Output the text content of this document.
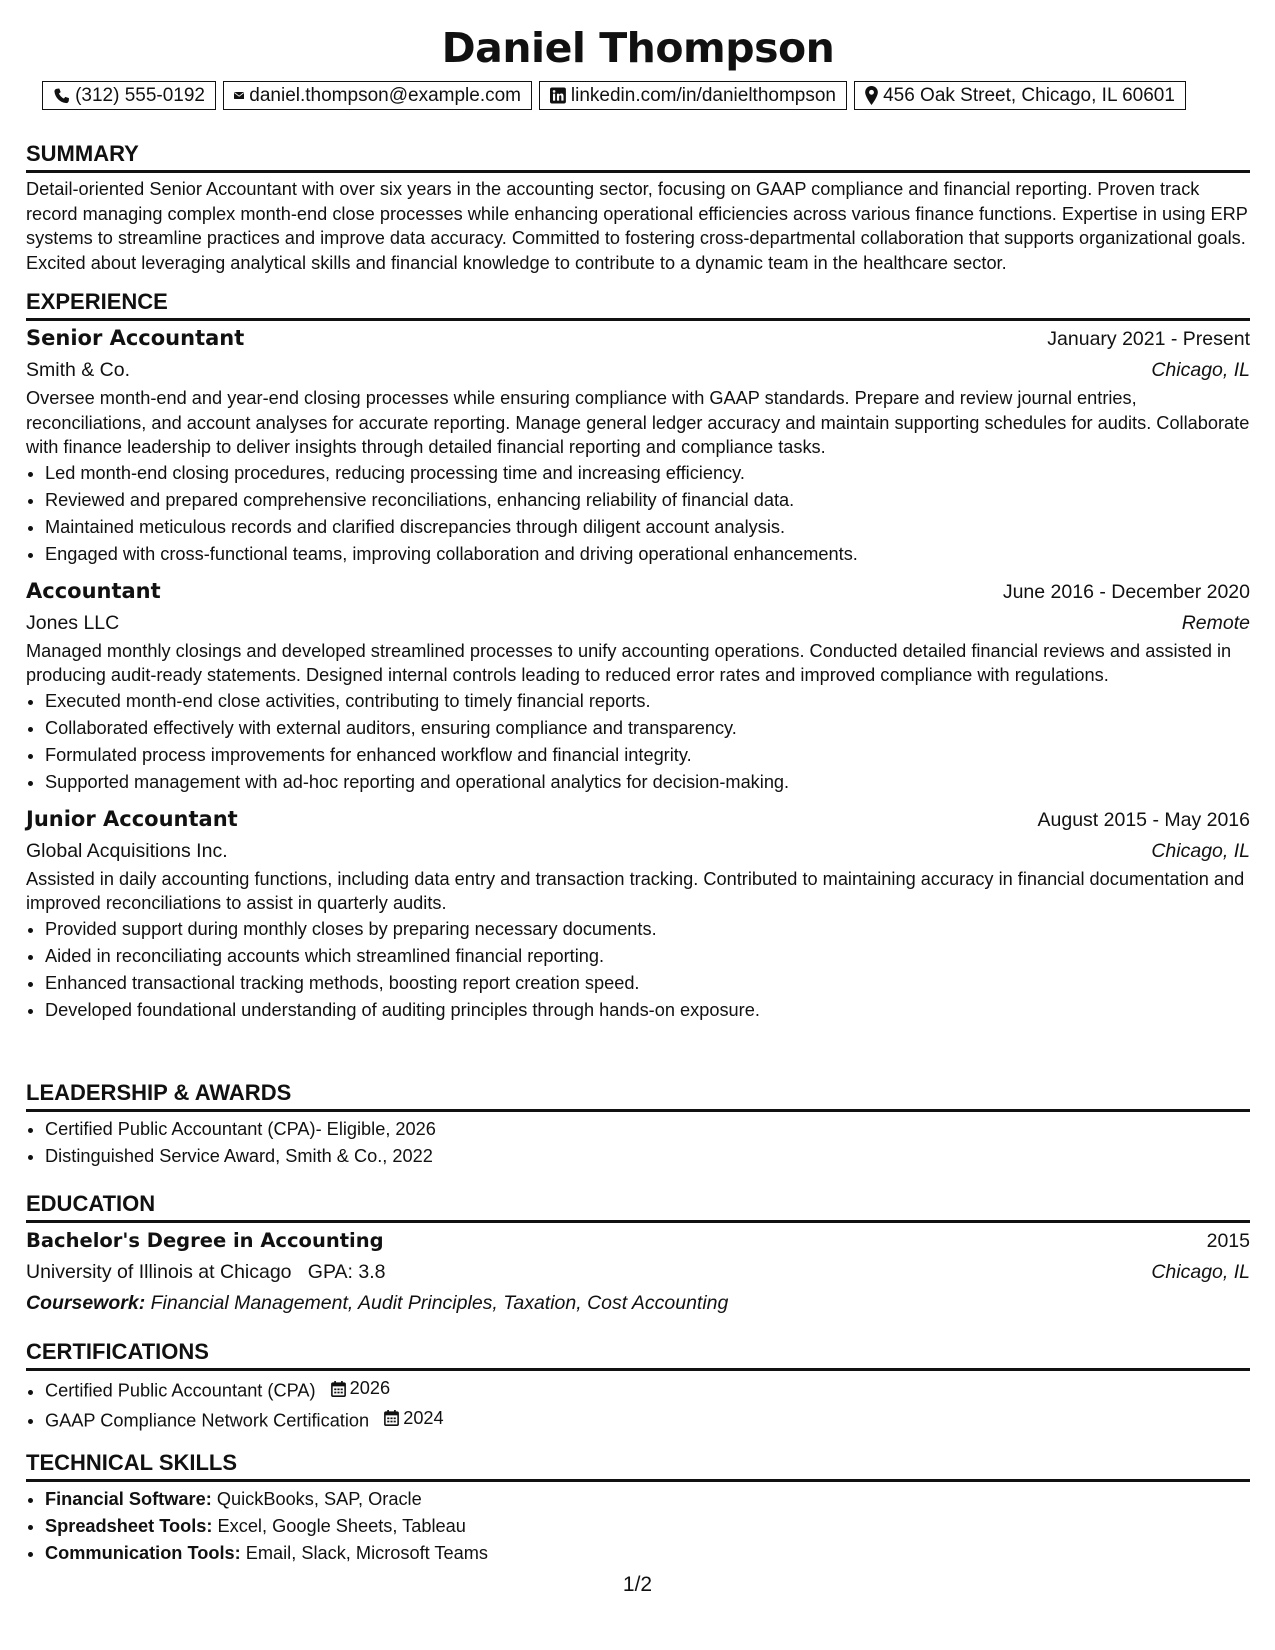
Daniel Thompson
(312) 555-0192 daniel.thompson@example.com	linkedin.com/in/danielthompson 456 Oak Street, Chicago, IL 60601
SUMMARY

Detail-oriented Senior Accountant with over six years in the accounting sector, focusing on GAAP compliance and financial reporting. Proven track record managing complex month-end close processes while enhancing operational efficiencies across various finance functions. Expertise in using ERP systems to streamline practices and improve data accuracy. Committed to fostering cross-departmental collaboration that supports organizational goals. Excited about leveraging analytical skills and financial knowledge to contribute to a dynamic team in the healthcare sector.

EXPERIENCE
Senior Accountant	January 2021 - Present
Smith & Co.	Chicago, IL

Oversee month-end and year-end closing processes while ensuring compliance with GAAP standards. Prepare and review journal entries, reconciliations, and account analyses for accurate reporting. Manage general ledger accuracy and maintain supporting schedules for audits. Collaborate with finance leadership to deliver insights through detailed financial reporting and compliance tasks.

• Led month-end closing procedures, reducing processing time and increasing efficiency.
• Reviewed and prepared comprehensive reconciliations, enhancing reliability of financial data.
• Maintained meticulous records and clarified discrepancies through diligent account analysis.
• Engaged with cross-functional teams, improving collaboration and driving operational enhancements.
Accountant	June 2016 - December 2020
Jones LLC	Remote

Managed monthly closings and developed streamlined processes to unify accounting operations. Conducted detailed financial reviews and assisted in producing audit-ready statements. Designed internal controls leading to reduced error rates and improved compliance with regulations.

• Executed month-end close activities, contributing to timely financial reports.
• Collaborated effectively with external auditors, ensuring compliance and transparency.
• Formulated process improvements for enhanced workflow and financial integrity.
• Supported management with ad-hoc reporting and operational analytics for decision-making.
Junior Accountant	August 2015 - May 2016
Global Acquisitions Inc.	Chicago, IL

Assisted in daily accounting functions, including data entry and transaction tracking. Contributed to maintaining accuracy in financial documentation and improved reconciliations to assist in quarterly audits.

• Provided support during monthly closes by preparing necessary documents.
• Aided in reconciliating accounts which streamlined financial reporting.
• Enhanced transactional tracking methods, boosting report creation speed.
• Developed foundational understanding of auditing principles through hands-on exposure.
LEADERSHIP & AWARDS
• Certified Public Accountant (CPA)- Eligible, 2026
• Distinguished Service Award, Smith & Co., 2022
EDUCATION
Bachelor's Degree in Accounting	2015
University of Illinois at Chicago GPA: 3.8	Chicago, IL
Coursework: Financial Management, Audit Principles, Taxation, Cost Accounting
CERTIFICATIONS
• Certified Public Accountant (CPA) 2026
• GAAP Compliance Network Certification 2024
TECHNICAL SKILLS
• Financial Software: QuickBooks, SAP, Oracle
• Spreadsheet Tools: Excel, Google Sheets, Tableau
• Communication Tools: Email, Slack, Microsoft Teams
1/2
